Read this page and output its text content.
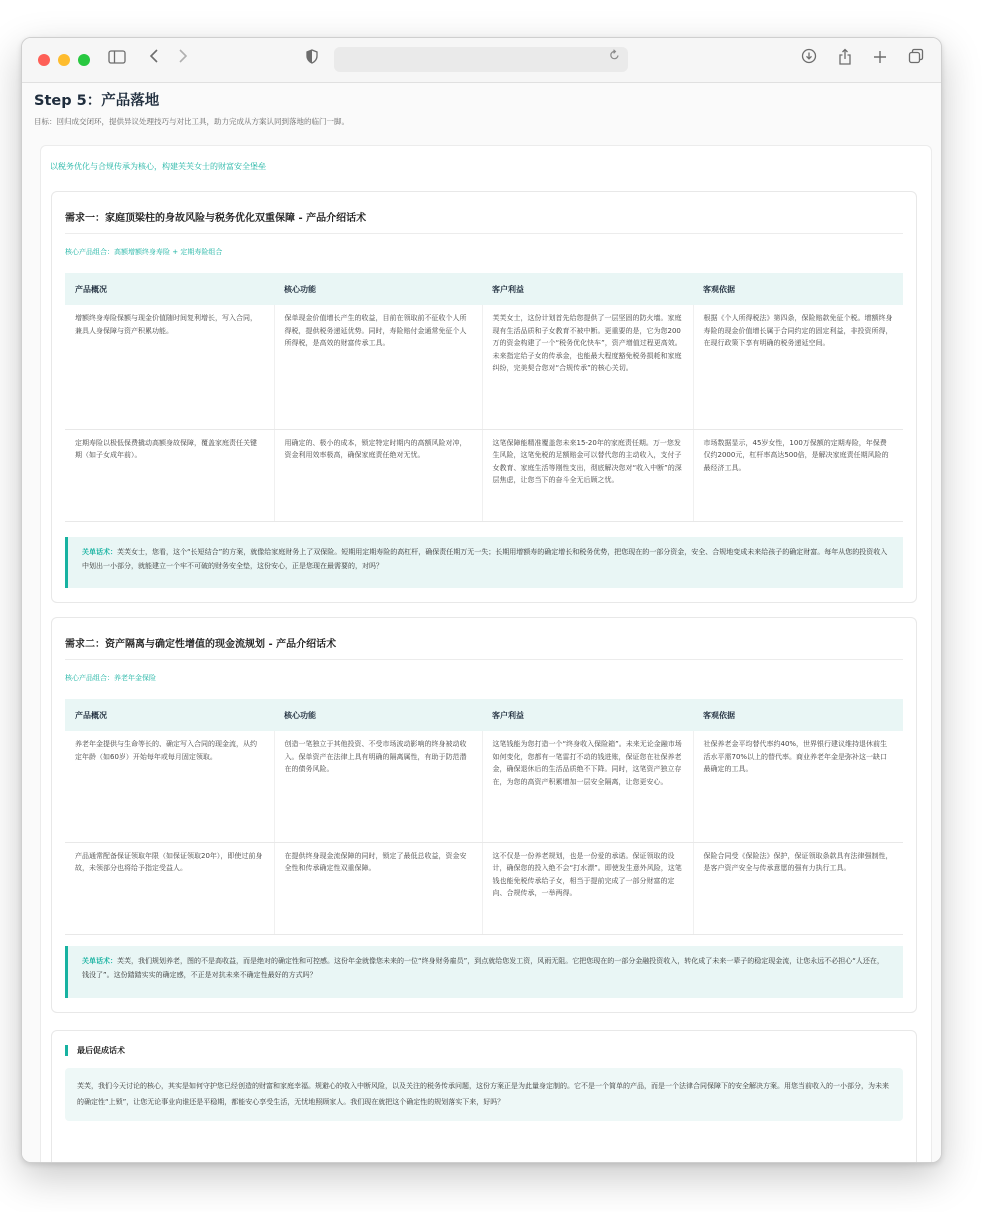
Step 5：产品落地
目标：回归成交闭环，提供异议处理技巧与对比工具，助力完成从方案认同到落地的临门一脚。
以税务优化与合规传承为核心，构建芙芙女士的财富安全堡垒
需求一：家庭顶梁柱的身故风险与税务优化双重保障 - 产品介绍话术
核心产品组合：高额增额终身寿险 + 定期寿险组合
产品概况	核心功能	客户利益	客观依据
增额终身寿险保额与现金价值随时间复利增长，写入合同，兼具人身保障与资产积累功能。	保单现金价值增长产生的收益，目前在领取前不征收个人所得税，提供税务递延优势。同时，寿险赔付金通常免征个人所得税，是高效的财富传承工具。	芙芙女士，这份计划首先给您提供了一层坚固的防火墙。家庭现有生活品质和子女教育不被中断。更重要的是，它为您200万的资金构建了一个“税务优化快车”，资产增值过程更高效。未来指定给子女的传承金，也能最大程度豁免税务损耗和家庭纠纷，完美契合您对“合规传承”的核心关切。	根据《个人所得税法》第四条，保险赔款免征个税。增额终身寿险的现金价值增长属于合同约定的固定利益，非投资所得，在现行政策下享有明确的税务递延空间。
定期寿险以极低保费撬动高额身故保障，覆盖家庭责任关键期（如子女成年前）。	用确定的、极小的成本，锁定特定时期内的高额风险对冲，资金利用效率极高，确保家庭责任绝对无忧。	这笔保障能精准覆盖您未来15-20年的家庭责任期。万一您发生风险，这笔免税的足额赔金可以替代您的主动收入，支付子女教育、家庭生活等刚性支出，彻底解决您对“收入中断”的深层焦虑，让您当下的奋斗全无后顾之忧。	市场数据显示，45岁女性，100万保额的定期寿险，年保费仅约2000元，杠杆率高达500倍，是解决家庭责任期风险的最经济工具。
关单话术：芙芙女士，您看，这个“长短结合”的方案，就像给家庭财务上了双保险。短期用定期寿险的高杠杆，确保责任期万无一失；长期用增额寿的确定增长和税务优势，把您现在的一部分资金，安全、合规地变成未来给孩子的确定财富。每年从您的投资收入中划出一小部分，就能建立一个牢不可破的财务安全垫，这份安心，正是您现在最需要的，对吗？
需求二：资产隔离与确定性增值的现金流规划 - 产品介绍话术
核心产品组合：养老年金保险
产品概况	核心功能	客户利益	客观依据
养老年金提供与生命等长的、确定写入合同的现金流，从约定年龄（如60岁）开始每年或每月固定领取。	创造一笔独立于其他投资、不受市场波动影响的终身被动收入。保单资产在法律上具有明确的隔离属性，有助于防范潜在的债务风险。	这笔钱能为您打造一个“终身收入保险箱”。未来无论金融市场如何变化，您都有一笔雷打不动的钱进账，保证您在社保养老金，确保退休后的生活品质绝不下降。同时，这笔资产独立存在，为您的高资产积累增加一层安全隔离，让您更安心。	社保养老金平均替代率约40%，世界银行建议维持退休前生活水平需70%以上的替代率。商业养老年金是弥补这一缺口最确定的工具。
产品通常配备保证领取年限（如保证领取20年），即使过前身故，未领部分也将给予指定受益人。	在提供终身现金流保障的同时，锁定了最低总收益，资金安全性和传承确定性双重保障。	这不仅是一份养老规划，也是一份爱的承诺。保证领取的设计，确保您的投入绝不会“打水漂”。即使发生意外风险，这笔钱也能免税传承给子女，相当于提前完成了一部分财富的定向、合规传承，一举两得。	保险合同受《保险法》保护，保证领取条款具有法律强制性，是客户资产安全与传承意愿的强有力执行工具。
关单话术：芙芙，我们规划养老，图的不是高收益，而是绝对的确定性和可控感。这份年金就像您未来的一位“终身财务雇员”，到点就给您发工资，风雨无阻。它把您现在的一部分金融投资收入，转化成了未来一辈子的稳定现金流，让您永远不必担心“人还在，钱没了”。这份踏踏实实的确定感，不正是对抗未来不确定性最好的方式吗？
最后促成话术
芙芙，我们今天讨论的核心，其实是如何守护您已经创造的财富和家庭幸福。规避心的收入中断风险，以及关注的税务传承问题，这份方案正是为此量身定制的。它不是一个简单的产品，而是一个法律合同保障下的安全解决方案。用您当前收入的一小部分，为未来的确定性“上锁”，让您无论事业向谁还是平稳期，都能安心享受生活，无忧地照顾家人。我们现在就把这个确定性的规划落实下来，好吗？
